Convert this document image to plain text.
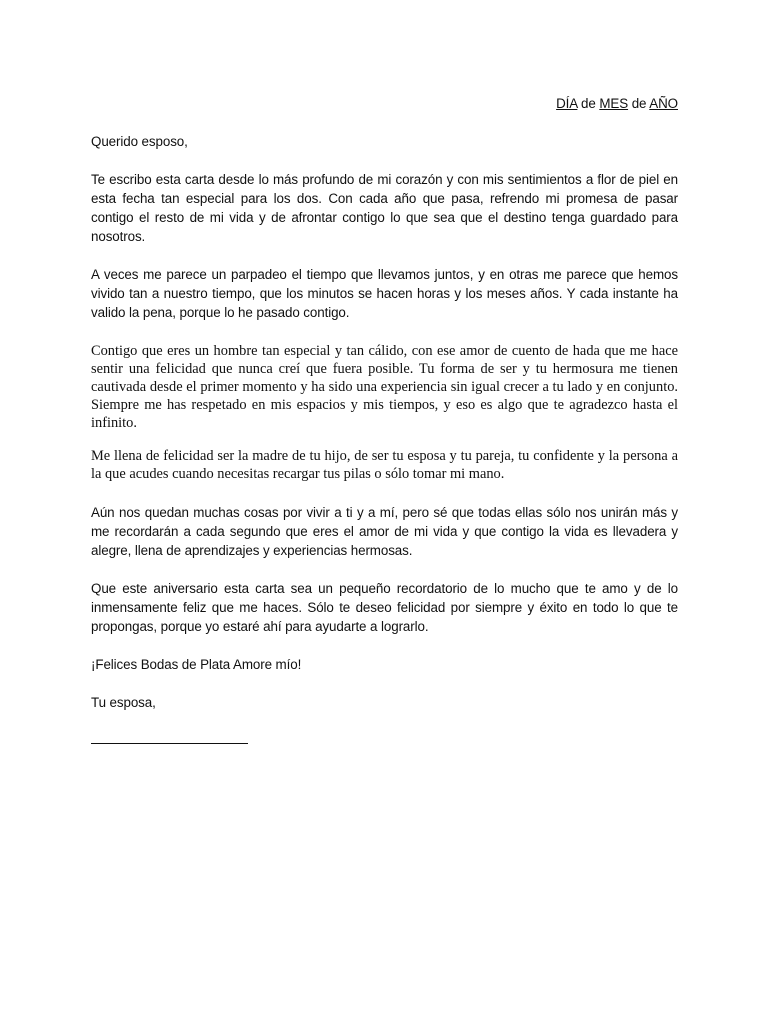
DÍA de MES de AÑO

Querido esposo,

Te escribo esta carta desde lo más profundo de mi corazón y con mis sentimientos a flor de piel en esta fecha tan especial para los dos. Con cada año que pasa, refrendo mi promesa de pasar contigo el resto de mi vida y de afrontar contigo lo que sea que el destino tenga guardado para nosotros.

A veces me parece un parpadeo el tiempo que llevamos juntos, y en otras me parece que hemos vivido tan a nuestro tiempo, que los minutos se hacen horas y los meses años. Y cada instante ha valido la pena, porque lo he pasado contigo.

Contigo que eres un hombre tan especial y tan cálido, con ese amor de cuento de hada que me hace sentir una felicidad que nunca creí que fuera posible. Tu forma de ser y tu hermosura me tienen cautivada desde el primer momento y ha sido una experiencia sin igual crecer a tu lado y en conjunto. Siempre me has respetado en mis espacios y mis tiempos, y eso es algo que te agradezco hasta el infinito.

Me llena de felicidad ser la madre de tu hijo, de ser tu esposa y tu pareja, tu confidente y la persona a la que acudes cuando necesitas recargar tus pilas o sólo tomar mi mano.

Aún nos quedan muchas cosas por vivir a ti y a mí, pero sé que todas ellas sólo nos unirán más y me recordarán a cada segundo que eres el amor de mi vida y que contigo la vida es llevadera y alegre, llena de aprendizajes y experiencias hermosas.

Que este aniversario esta carta sea un pequeño recordatorio de lo mucho que te amo y de lo inmensamente feliz que me haces. Sólo te deseo felicidad por siempre y éxito en todo lo que te propongas, porque yo estaré ahí para ayudarte a lograrlo.

¡Felices Bodas de Plata Amore mío!

Tu esposa,
